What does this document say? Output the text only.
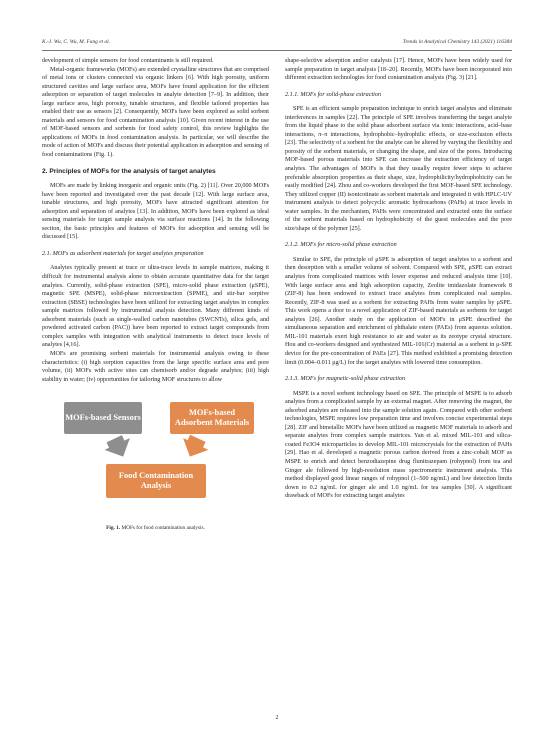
K.-J. Wu, C. Wu, M. Fang et al.	Trends in Analytical Chemistry 143 (2021) 116384

development of simple sensors for food contaminants is still required.

Metal-organic frameworks (MOFs) are extended crystalline structures that are comprised of metal ions or clusters connected via organic linkers [6]. With high porosity, uniform structured cavities and large surface area, MOFs have found application for the efficient adsorption or separation of target molecules in analyte detection [7–9]. In addition, their large surface area, high porosity, tunable structures, and flexible tailored properties has enabled their use as sensors [2]. Consequently, MOFs have been explored as solid sorbent materials and sensors for food contamination analysis [10]. Given recent interest in the use of MOF-based sensors and sorbents for food safety control, this review highlights the applications of MOFs in food contamination analysis. In particular, we will describe the mode of action of MOFs and discuss their potential application in adsorption and sensing of food contaminations (Fig. 1).

2. Principles of MOFs for the analysis of target analytes

MOFs are made by linking inorganic and organic units (Fig. 2) [11]. Over 20,000 MOFs have been reported and investigated over the past decade [12]. With large surface area, tunable structures, and high porosity, MOFs have attracted significant attention for adsorption and separation of analytes [13]. In addition, MOFs have been explored as ideal sensing materials for target sample analysis via surface reactions [14]. In the following section, the basic principles and features of MOFs for adsorption and sensing will be discussed [15].

2.1. MOFs as adsorbent materials for target analytes preparation

Analytes typically present at trace or ultra-trace levels in sample matrices, making it difficult for instrumental analysis alone to obtain accurate quantitative data for the target analytes. Currently, solid-phase extraction (SPE), micro-solid phase extraction (μSPE), magnetic SPE (MSPE), solid-phase microextraction (SPME), and stir-bar sorptive extraction (SBSE) technologies have been utilized for extracting target analytes in complex sample matrices followed by instrumental analysis detection. Many different kinds of adsorbent materials (such as single-walled carbon nanotubes (SWCNTs), silica gels, and powdered activated carbon (PAC)) have been reported to extract target compounds from complex samples with integration with analytical instruments to detect trace levels of analytes [4,16].

MOFs are promising sorbent materials for instrumental analysis owing to these characteristics: (i) high sorption capacities from the large specific surface area and pore volume, (ii) MOFs with active sites can chemisorb and/or degrade analytes; (iii) high stability in water; (iv) opportunities for tailoring MOF structures to allow

MOFs-based Sensors
MOFs-based Adsorbent Materials
Food Contamination Analysis
Fig. 1. MOFs for food contamination analysis.

shape-selective adsorption and/or catalysis [17]. Hence, MOFs have been widely used for sample preparation in target analysis [18–20]. Recently, MOFs have been incorporated into different extraction technologies for food contamination analysis (Fig. 3) [21].

2.1.1. MOFs for solid-phase extraction

SPE is an efficient sample preparation technique to enrich target analytes and eliminate interferences in samples [22]. The principle of SPE involves transferring the target analyte from the liquid phase to the solid phase adsorbent surface via ionic interactions, acid–base interactions, π–π interactions, hydrophobic–hydrophilic effects, or size-exclusion effects [23]. The selectivity of a sorbent for the analyte can be altered by varying the flexibility and porosity of the sorbent materials, or changing the shape, and size of the pores. Introducing MOF-based porous materials into SPE can increase the extraction efficiency of target analytes. The advantages of MOFs is that they usually require fewer steps to achieve preferable absorption properties as their shape, size, hydrophilicity/hydrophobicity can be easily modified [24]. Zhou and co-workers developed the first MOF-based SPE technology. They utilized copper (II) isonicotinate as sorbent materials and integrated it with HPLC-UV instrument analysis to detect polycyclic aromatic hydrocarbons (PAHs) at trace levels in water samples. In the mechanism, PAHs were concentrated and extracted onto the surface of the sorbent materials based on hydrophobicity of the guest molecules and the pore size/shape of the polymer [25].

2.1.2. MOFs for micro-solid phase extraction

Similar to SPE, the principle of μSPE is adsorption of target analytes to a sorbent and then desorption with a smaller volume of solvent. Compared with SPE, μSPE can extract analytes from complicated matrices with lower expense and reduced analysis time [10]. With large surface area and high adsorption capacity, Zeolite imidazolate framework 8 (ZIF-8) has been endowed to extract trace analytes from complicated real samples. Recently, ZIF-8 was used as a sorbent for extracting PAHs from water samples by μSPE. This work opens a door to a novel application of ZIF-based materials as sorbents for target analytes [26]. Another study on the application of MOFs in μSPE described the simultaneous separation and enrichment of phthalate esters (PAEs) from aqueous solution. MIL-101 materials exert high resistance to air and water as its zeotype crystal structure. Hou and co-workers designed and synthesized MIL-101(Cr) material as a sorbent in μ-SPE device for the pre-concentration of PAEs [27]. This method exhibited a promising detection limit (0.004–0.011 μg/L) for the target analytes with lowered time consumption.

2.1.3. MOFs for magnetic-solid phase extraction

MSPE is a novel sorbent technology based on SPE. The principle of MSPE is to adsorb analytes from a complicated sample by an external magnet. After removing the magnet, the adsorbed analytes are released into the sample solution again. Compared with other sorbent technologies, MSPE requires low preparation time and involves concise experimental steps [28]. ZIF and bimetallic MOFs have been utilized as magnetic MOF materials to adsorb and separate analytes from complex sample matrices. Yan et al. mixed MIL-101 and silica-coated Fe3O4 microparticles to develop MIL-101 microcrystals for the extraction of PAHs [29]. Hao et al. developed a magnetic porous carbon derived from a zinc-cobalt MOF as MSPE to enrich and detect benzodiazepine drug flunitrazepam (rohypnol) from tea and Ginger ale followed by high-resolution mass spectrometric instrument analysis. This method displayed good linear ranges of rohypnol (1–500 ng/mL) and low detection limits down to 0.2 ng/mL for ginger ale and 1.0 ng/mL for tea samples [30]. A significant drawback of MOFs for extracting target analytes

2
